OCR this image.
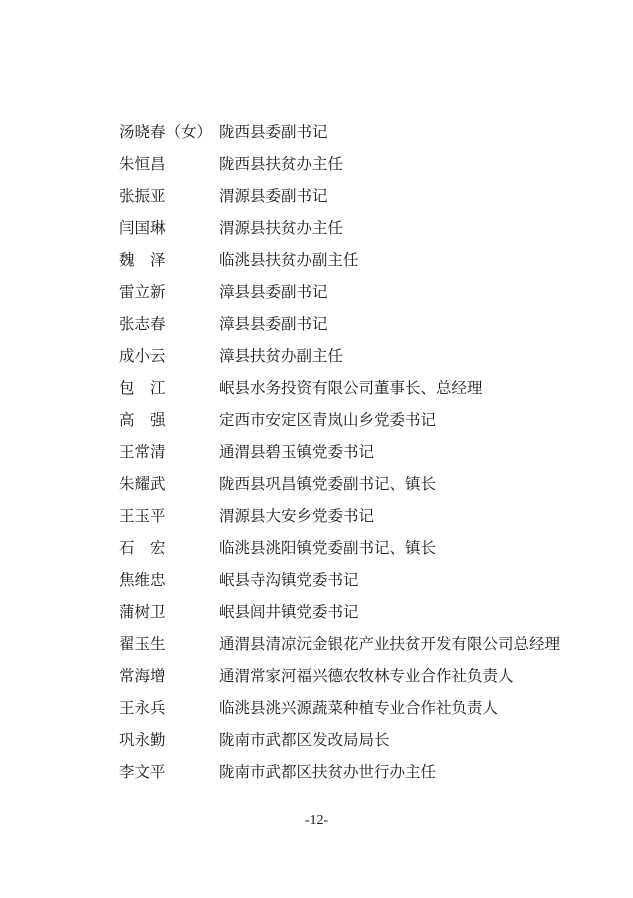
汤晓春（女） 陇西县委副书记
朱恒昌	陇西县扶贫办主任
张振亚	渭源县委副书记
闫国琳	渭源县扶贫办主任
魏　泽	临洮县扶贫办副主任
雷立新	漳县县委副书记
张志春	漳县县委副书记
成小云	漳县扶贫办副主任
包　江	岷县水务投资有限公司董事长、总经理
高　强	定西市安定区青岚山乡党委书记
王常清	通渭县碧玉镇党委书记
朱耀武	陇西县巩昌镇党委副书记、镇长
王玉平	渭源县大安乡党委书记
石　宏	临洮县洮阳镇党委副书记、镇长
焦维忠	岷县寺沟镇党委书记
蒲树卫	岷县闾井镇党委书记
翟玉生	通渭县清凉沅金银花产业扶贫开发有限公司总经理
常海增	通渭常家河福兴德农牧林专业合作社负责人
王永兵	临洮县洮兴源蔬菜种植专业合作社负责人
巩永勤	陇南市武都区发改局局长
李文平	陇南市武都区扶贫办世行办主任
-12-
